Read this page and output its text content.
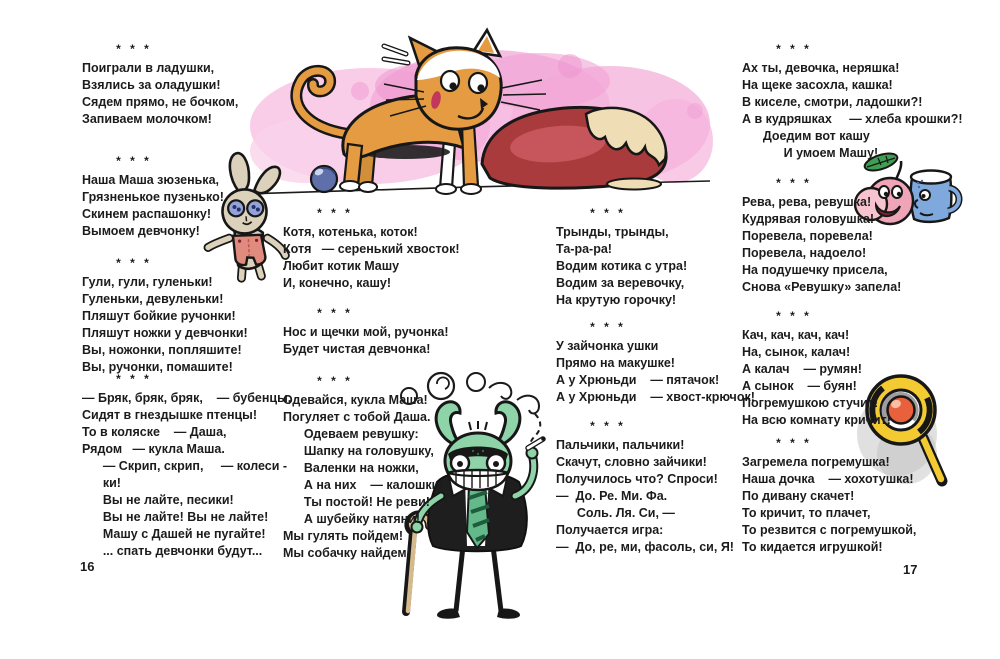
* * *
Поиграли в ладушки,
Взялись за оладушки!
Сядем прямо, не бочком,
Запиваем молочком!
* * *
Наша Маша зюзенька,
Грязненькое пузенько!
Скинем распашонку!
Вымоем девчонку!
* * *
Гули, гули, гуленьки!
Гуленьки, девуленьки!
Пляшут бойкие ручонки!
Пляшут ножки у девчонки!
Вы, ножонки, попляшите!
Вы, ручонки, помашите!
* * *
— Бряк, бряк, бряк,    — бубенцы,
Сидят в гнездышке птенцы!
То в коляске    — Даша,
Рядом   — кукла Маша.
— Скрип, скрип,     — колеси -
ки!
Вы не лайте, песики!
Вы не лайте! Вы не лайте!
Машу с Дашей не пугайте!
... спать девчонки будут...
* * *
Котя, котенька, коток!
Котя   — серенький хвосток!
Любит котик Машу
И, конечно, кашу!
* * *
Нос и щечки мой, ручонка!
Будет чистая девчонка!
* * *
Одевайся, кукла Маша!
Погуляет с тобой Даша.
Одеваем ревушку:
Шапку на головушку,
Валенки на ножки,
А на них    — калошки!
Ты постой! Не реви!
А шубейку натяни!
Мы гулять пойдем!
Мы собачку найдем!
* * *
Трынды, трынды,
Та-ра-ра!
Водим котика с утра!
Водим за веревочку,
На крутую горочку!
* * *
У зайчонка ушки
Прямо на макушке!
А у Хрюньди    — пятачок!
А у Хрюньди    — хвост-крючок!
* * *
Пальчики, пальчики!
Скачут, словно зайчики!
Получилось что? Спроси!
—  До. Ре. Ми. Фа.
Соль. Ля. Си, —
Получается игра:
—  До, ре, ми, фасоль, си, Я!
* * *
Ах ты, девочка, неряшка!
На щеке засохла, кашка!
В киселе, смотри, ладошки?!
А в кудряшках     — хлеба крошки?!
Доедим вот кашу
И умоем Машу!
* * *
Рева, рева, ревушка!
Кудрявая головушка!
Поревела, поревела!
Поревела, надоело!
На подушечку присела,
Снова «Ревушку» запела!
* * *
Кач, кач, кач, кач!
На, сынок, калач!
А калач    — румян!
А сынок    — буян!
Погремушкою стучит!
На всю комнату кричит!
* * *
Загремела погремушка!
Наша дочка    — хохотушка!
По дивану скачет!
То кричит, то плачет,
То резвится с погремушкой,
То кидается игрушкой!
16	17
